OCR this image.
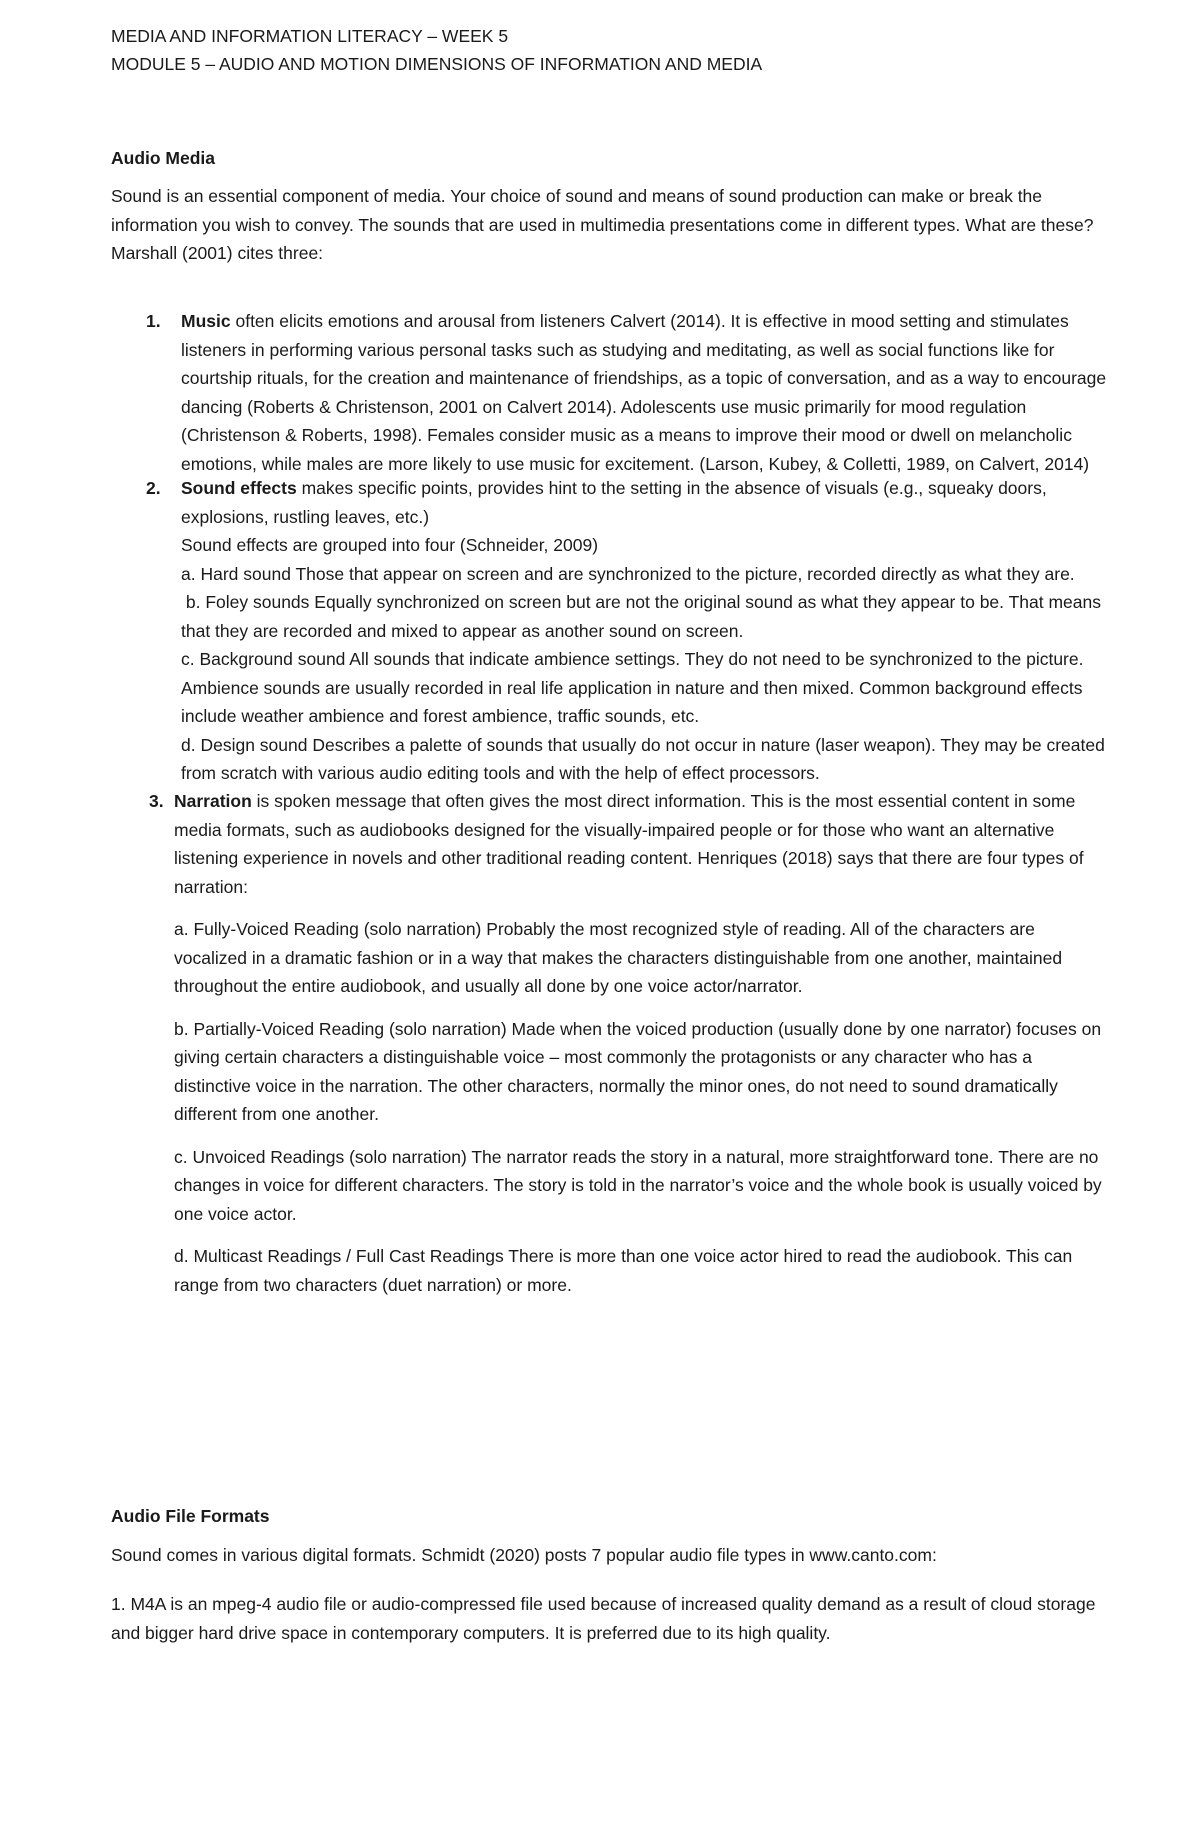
MEDIA AND INFORMATION LITERACY – WEEK 5

MODULE 5 – AUDIO AND MOTION DIMENSIONS OF INFORMATION AND MEDIA

Audio Media

Sound is an essential component of media. Your choice of sound and means of sound production can make or break the information you wish to convey. The sounds that are used in multimedia presentations come in different types. What are these? Marshall (2001) cites three:

1. Music often elicits emotions and arousal from listeners Calvert (2014). It is effective in mood setting and stimulates listeners in performing various personal tasks such as studying and meditating, as well as social functions like for courtship rituals, for the creation and maintenance of friendships, as a topic of conversation, and as a way to encourage dancing (Roberts & Christenson, 2001 on Calvert 2014). Adolescents use music primarily for mood regulation (Christenson & Roberts, 1998). Females consider music as a means to improve their mood or dwell on melancholic emotions, while males are more likely to use music for excitement. (Larson, Kubey, & Colletti, 1989, on Calvert, 2014)

2. Sound effects makes specific points, provides hint to the setting in the absence of visuals (e.g., squeaky doors, explosions, rustling leaves, etc.)

Sound effects are grouped into four (Schneider, 2009)

a. Hard sound Those that appear on screen and are synchronized to the picture, recorded directly as what they are.

b. Foley sounds Equally synchronized on screen but are not the original sound as what they appear to be. That means that they are recorded and mixed to appear as another sound on screen.

c. Background sound All sounds that indicate ambience settings. They do not need to be synchronized to the picture. Ambience sounds are usually recorded in real life application in nature and then mixed. Common background effects include weather ambience and forest ambience, traffic sounds, etc.

d. Design sound Describes a palette of sounds that usually do not occur in nature (laser weapon). They may be created from scratch with various audio editing tools and with the help of effect processors.

3. Narration is spoken message that often gives the most direct information. This is the most essential content in some media formats, such as audiobooks designed for the visually-impaired people or for those who want an alternative listening experience in novels and other traditional reading content. Henriques (2018) says that there are four types of narration:

a. Fully-Voiced Reading (solo narration) Probably the most recognized style of reading. All of the characters are vocalized in a dramatic fashion or in a way that makes the characters distinguishable from one another, maintained throughout the entire audiobook, and usually all done by one voice actor/narrator.

b. Partially-Voiced Reading (solo narration) Made when the voiced production (usually done by one narrator) focuses on giving certain characters a distinguishable voice – most commonly the protagonists or any character who has a distinctive voice in the narration. The other characters, normally the minor ones, do not need to sound dramatically different from one another.

c. Unvoiced Readings (solo narration) The narrator reads the story in a natural, more straightforward tone. There are no changes in voice for different characters. The story is told in the narrator’s voice and the whole book is usually voiced by one voice actor.

d. Multicast Readings / Full Cast Readings There is more than one voice actor hired to read the audiobook. This can range from two characters (duet narration) or more.

Audio File Formats

Sound comes in various digital formats. Schmidt (2020) posts 7 popular audio file types in www.canto.com:

1. M4A is an mpeg-4 audio file or audio-compressed file used because of increased quality demand as a result of cloud storage and bigger hard drive space in contemporary computers. It is preferred due to its high quality.
